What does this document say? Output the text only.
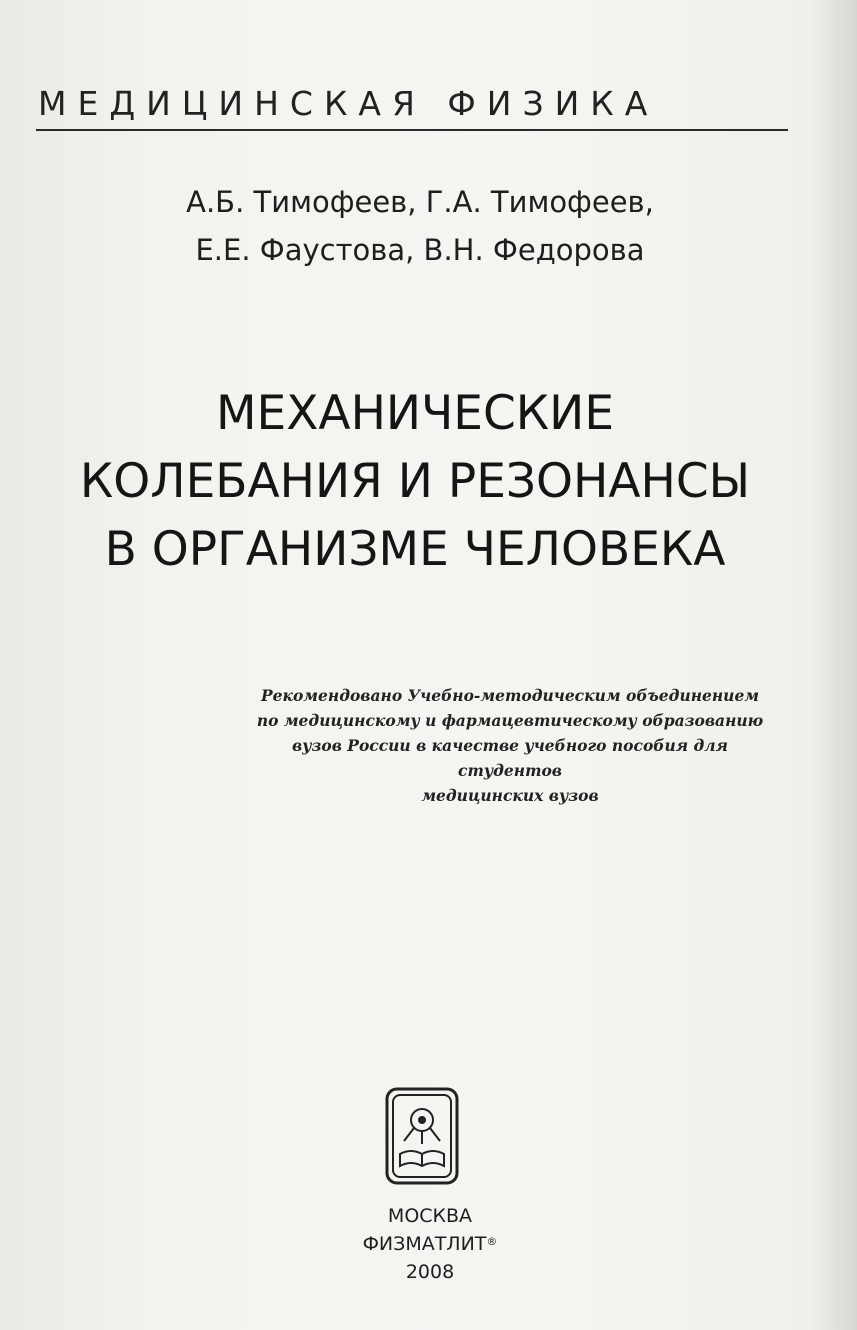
МЕДИЦИНСКАЯ ФИЗИКА
А.Б. Тимофеев, Г.А. Тимофеев,
Е.Е. Фаустова, В.Н. Федорова
МЕХАНИЧЕСКИЕ
КОЛЕБАНИЯ И РЕЗОНАНСЫ
В ОРГАНИЗМЕ ЧЕЛОВЕКА
Рекомендовано Учебно-методическим объединением
по медицинскому и фармацевтическому образованию
вузов России в качестве учебного пособия для студентов
медицинских вузов
МОСКВА
ФИЗМАТЛИТ®
2008
